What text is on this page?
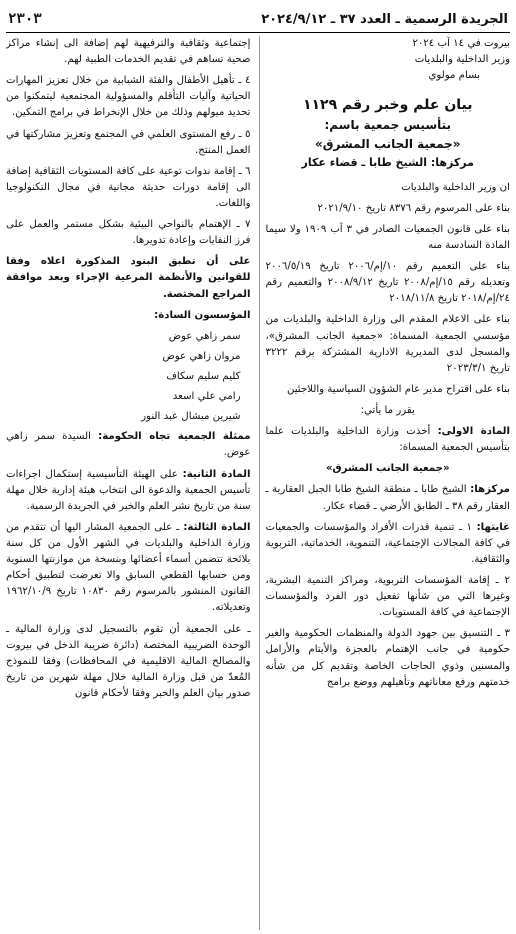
الجريدة الرسمية ـ العدد ٣٧ ـ ٢٠٢٤/٩/١٢
٢٣٠٣

بيروت في ١٤ آب ٢٠٢٤

وزير الداخلية والبلديات

بسام مولوي

بيان علم وخبر رقم ١١٢٩

بتأسيس جمعية باسم:

«جمعية الجانب المشرق»

مركزها: الشيخ طابا ـ قضاء عكار

ان وزير الداخلية والبلديات

بناء على المرسوم رقم ٨٣٧٦ تاريخ ٢٠٢١/٩/١٠

بناء على قانون الجمعيات الصادر في ٣ آب ١٩٠٩ ولا سيما المادة السادسة منه

بناء على التعميم رقم ١٠/إم/٢٠٠٦ تاريخ ٢٠٠٦/٥/١٩ وتعديله رقم ١٥/إم/٢٠٠٨ تاريخ ٢٠٠٨/٩/١٢ والتعميم رقم ٢٤/إم/٢٠١٨ تاريخ ٢٠١٨/١١/٨

بناء على الاعلام المقدم الى وزارة الداخلية والبلديات من مؤسسي الجمعية المسماة: «جمعية الجانب المشرق»، والمسجل لدى المديرية الادارية المشتركة برقم ٣٢٢٢ تاريخ ٢٠٢٣/٣/١

بناء على اقتراح مدير عام الشؤون السياسية واللاجئين

يقرر ما يأتي:

المادة الاولى: أخذت وزارة الداخلية والبلديات علما بتأسيس الجمعية المسماة:

«جمعية الجانب المشرق»

مركزها: الشيخ طابا ـ منطقة الشيخ طابا الجبل العقارية ـ العقار رقم ٣٨ ـ الطابق الأرضي ـ قضاء عكار.

غايتها: ١ ـ تنمية قدرات الأفراد والمؤسسات والجمعيات في كافة المجالات الإجتماعية، التنموية، الخدماتية، التربوية والثقافية.

٢ ـ إقامة المؤسسات التربوية، ومراكز التنمية البشرية، وغيرها التي من شأنها تفعيل دور الفرد والمؤسسات الإجتماعية في كافة المستويات.

٣ ـ التنسيق بين جهود الدولة والمنظمات الحكومية والغير حكومية في جانب الإهتمام بالعجزة والأيتام والأرامل والمسنين وذوي الحاجات الخاصة وتقديم كل من شأنه خدمتهم ورفع معاناتهم وتأهيلهم ووضع برامج

إجتماعية وثقافية والترفيهية لهم إضافة الى إنشاء مراكز صحية تساهم في تقديم الخدمات الطبية لهم.

٤ ـ تأهيل الأطفال والفئة الشبابية من خلال تعزيز المهارات الحياتية وآليات التأقلم والمسؤولية المجتمعية ليتمكنوا من تحديد ميولهم وذلك من خلال الإنخراط في برامج التمكين.

٥ ـ رفع المستوى العلمي في المجتمع وتعزيز مشاركتها في العمل المنتج.

٦ ـ إقامة ندوات توعية على كافة المستويات الثقافية إضافة الى إقامة دورات حديثة مجانية في مجال التكنولوجيا واللغات.

٧ ـ الإهتمام بالنواحي البيئية بشكل مستمر والعمل على فرز النفايات وإعادة تدويرها.

على أن تطبق البنود المذكورة اعلاه وفقا للقوانين والأنظمة المرعية الإجراء وبعد موافقة المراجع المختصة.

المؤسسون السادة:

سمر زاهي عوض

مروان زاهي عوض

كليم سليم سكاف

رامي علي اسعد

شيرين ميشال عبد النور

ممثلة الجمعية تجاه الحكومة: السيدة سمر زاهي عوض.

المادة الثانية: على الهيئة التأسيسية إستكمال اجراءات تأسيس الجمعية والدعوة الى انتخاب هيئة إدارية خلال مهلة سنة من تاريخ نشر العلم والخبر في الجريدة الرسمية.

المادة الثالثة: ـ على الجمعية المشار اليها أن تتقدم من وزارة الداخلية والبلديات في الشهر الأول من كل سنة بلائحة تتضمن أسماء أعضائها وبنسخة من موازنتها السنوية ومن حسابها القطعي السابق والا تعرضت لتطبيق أحكام القانون المنشور بالمرسوم رقم ١٠٨٣٠ تاريخ ١٩٦٢/١٠/٩ وتعديلاته.

ـ على الجمعية أن تقوم بالتسجيل لدى وزارة المالية ـ الوحدة الضريبية المختصة (دائرة ضريبة الدخل في بيروت والمصالح المالية الاقليمية في المحافظات) وفقا للنموذج المُعدّ من قبل وزارة المالية خلال مهلة شهرين من تاريخ صدور بيان العلم والخبر وفقا لأحكام قانون
